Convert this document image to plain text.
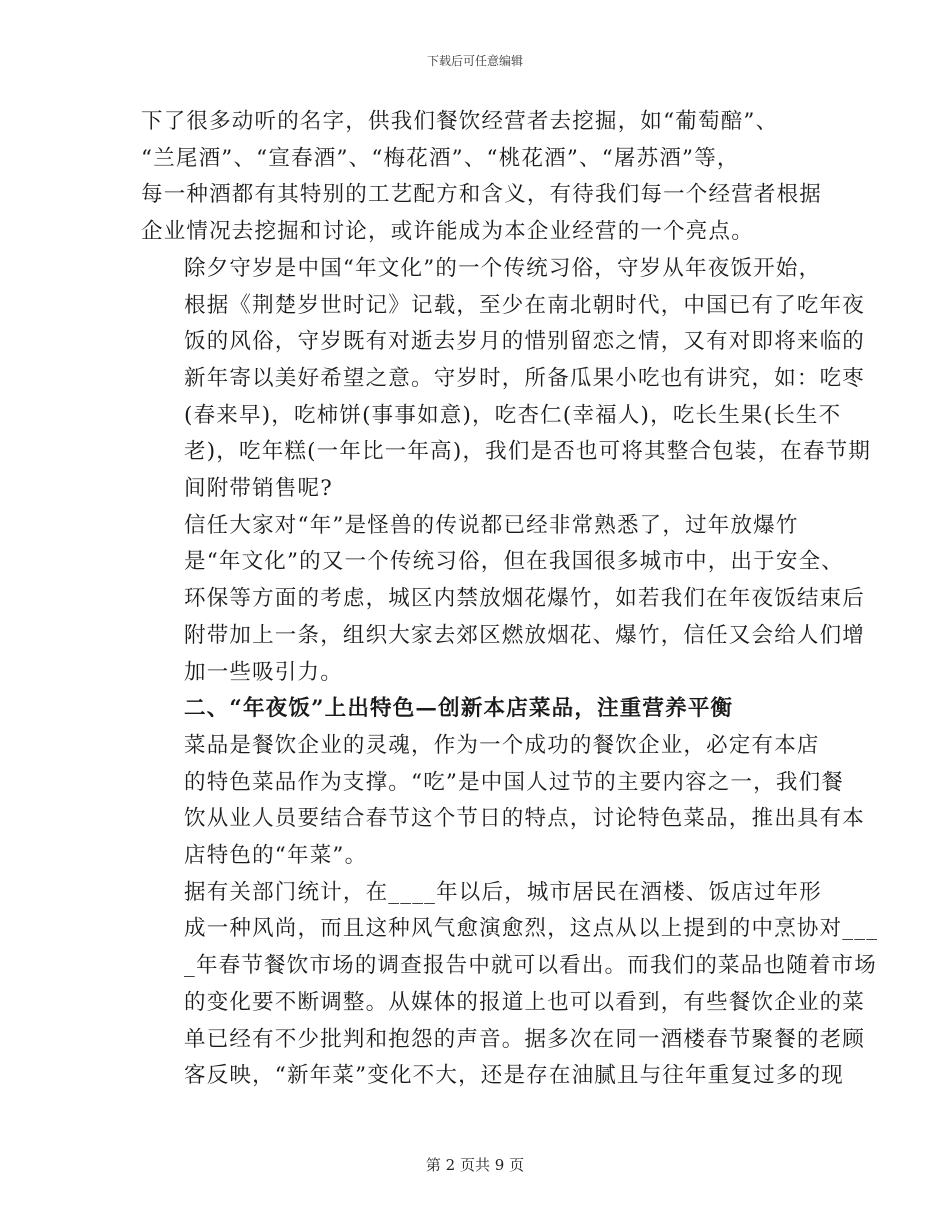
下载后可任意编辑

下了很多动听的名字，供我们餐饮经营者去挖掘，如“葡萄醅”、
“兰尾酒”、“宣春酒”、“梅花酒”、“桃花酒”、“屠苏酒”等，
每一种酒都有其特别的工艺配方和含义，有待我们每一个经营者根据
企业情况去挖掘和讨论，或许能成为本企业经营的一个亮点。

除夕守岁是中国“年文化”的一个传统习俗，守岁从年夜饭开始，
根据《荆楚岁世时记》记载，至少在南北朝时代，中国已有了吃年夜
饭的风俗，守岁既有对逝去岁月的惜别留恋之情，又有对即将来临的
新年寄以美好希望之意。守岁时，所备瓜果小吃也有讲究，如：吃枣
(春来早)，吃柿饼(事事如意)，吃杏仁(幸福人)，吃长生果(长生不
老)，吃年糕(一年比一年高)，我们是否也可将其整合包装，在春节期
间附带销售呢?

信任大家对“年”是怪兽的传说都已经非常熟悉了，过年放爆竹
是“年文化”的又一个传统习俗，但在我国很多城市中，出于安全、
环保等方面的考虑，城区内禁放烟花爆竹，如若我们在年夜饭结束后
附带加上一条，组织大家去郊区燃放烟花、爆竹，信任又会给人们增
加一些吸引力。

二、“年夜饭”上出特色—创新本店菜品，注重营养平衡

菜品是餐饮企业的灵魂，作为一个成功的餐饮企业，必定有本店
的特色菜品作为支撑。“吃”是中国人过节的主要内容之一，我们餐
饮从业人员要结合春节这个节日的特点，讨论特色菜品，推出具有本
店特色的“年菜”。

据有关部门统计，在____年以后，城市居民在酒楼、饭店过年形
成一种风尚，而且这种风气愈演愈烈，这点从以上提到的中烹协对___
_年春节餐饮市场的调查报告中就可以看出。而我们的菜品也随着市场
的变化要不断调整。从媒体的报道上也可以看到，有些餐饮企业的菜
单已经有不少批判和抱怨的声音。据多次在同一酒楼春节聚餐的老顾
客反映，“新年菜”变化不大，还是存在油腻且与往年重复过多的现

第 2 页共 9 页
